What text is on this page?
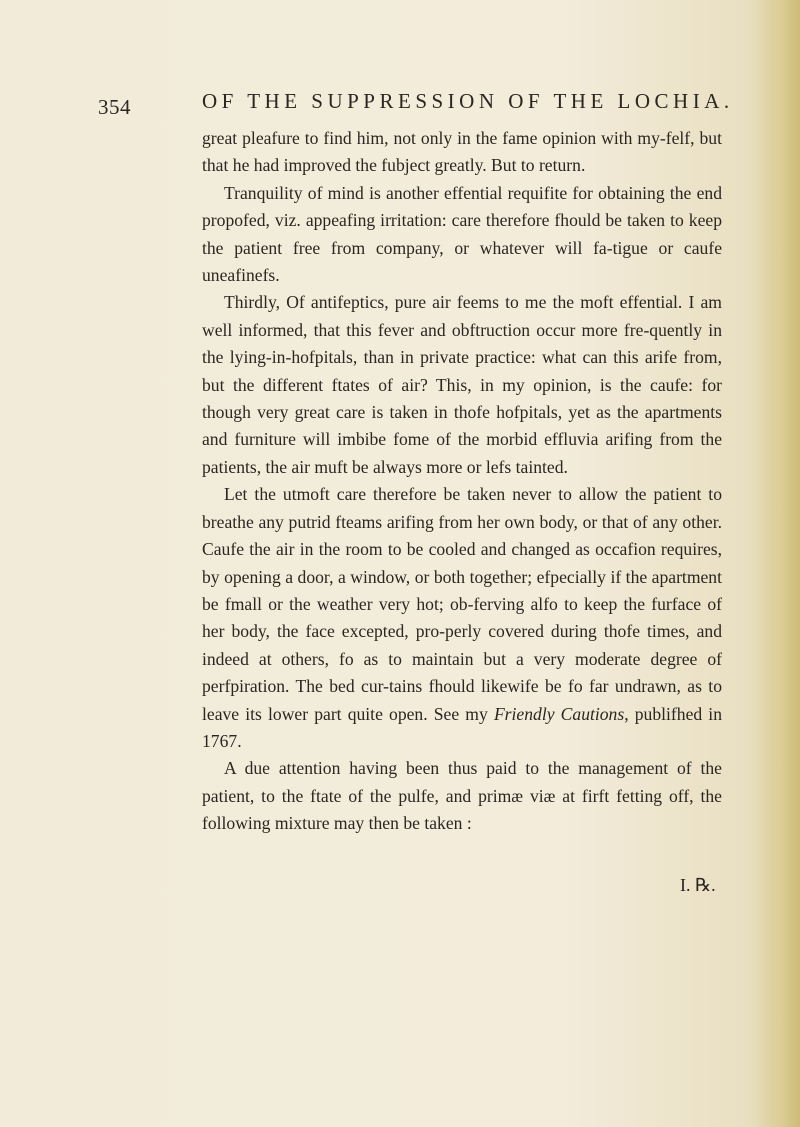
354	OF THE SUPPRESSION OF THE LOCHIA.

great pleafure to find him, not only in the fame opinion with my-felf, but that he had improved the fubject greatly. But to return.

Tranquility of mind is another effential requifite for obtaining the end propofed, viz. appeafing irritation: care therefore fhould be taken to keep the patient free from company, or whatever will fa-tigue or caufe uneafinefs.

Thirdly, Of antifeptics, pure air feems to me the moft effential. I am well informed, that this fever and obftruction occur more fre-quently in the lying-in-hofpitals, than in private practice: what can this arife from, but the different ftates of air? This, in my opinion, is the caufe: for though very great care is taken in thofe hofpitals, yet as the apartments and furniture will imbibe fome of the morbid effluvia arifing from the patients, the air muft be always more or lefs tainted.

Let the utmoft care therefore be taken never to allow the patient to breathe any putrid fteams arifing from her own body, or that of any other. Caufe the air in the room to be cooled and changed as occafion requires, by opening a door, a window, or both together; efpecially if the apartment be fmall or the weather very hot; ob-ferving alfo to keep the furface of her body, the face excepted, pro-perly covered during thofe times, and indeed at others, fo as to maintain but a very moderate degree of perfpiration. The bed cur-tains fhould likewife be fo far undrawn, as to leave its lower part quite open. See my Friendly Cautions, publifhed in 1767.

A due attention having been thus paid to the management of the patient, to the ftate of the pulfe, and primæ viæ at firft fetting off, the following mixture may then be taken :

I. ℞.
